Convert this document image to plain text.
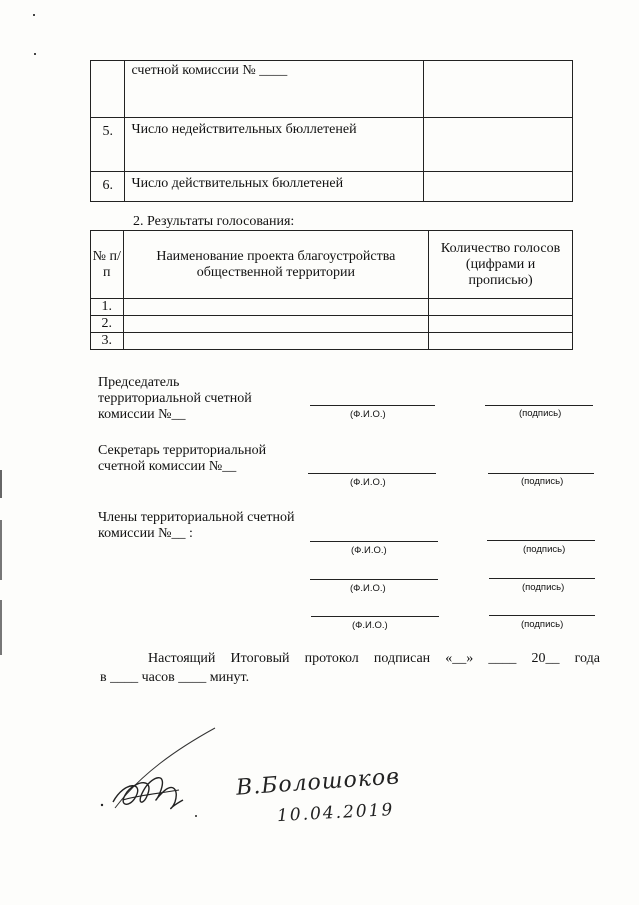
	счетной комиссии № ____	
5.	Число недействительных бюллетеней	
6.	Число действительных бюллетеней	
2. Результаты голосования:
№ п/п	Наименование проекта благоустройства общественной территории	Количество голосов (цифрами и прописью)
1.		
2.		
3.		
Председатель территориальной счетной комиссии №__	(Ф.И.О.)	(подпись)
Секретарь территориальной счетной комиссии №__
(Ф.И.О.)	(подпись)
Члены территориальной счетной комиссии №__ :
(Ф.И.О.)	(подпись)
(Ф.И.О.)	(подпись)
(Ф.И.О.)	(подпись)
Настоящий Итоговый протокол подписан «__» ____ 20__ года
в ____ часов ____ минут.
В.Болошоков
10.04.2019
